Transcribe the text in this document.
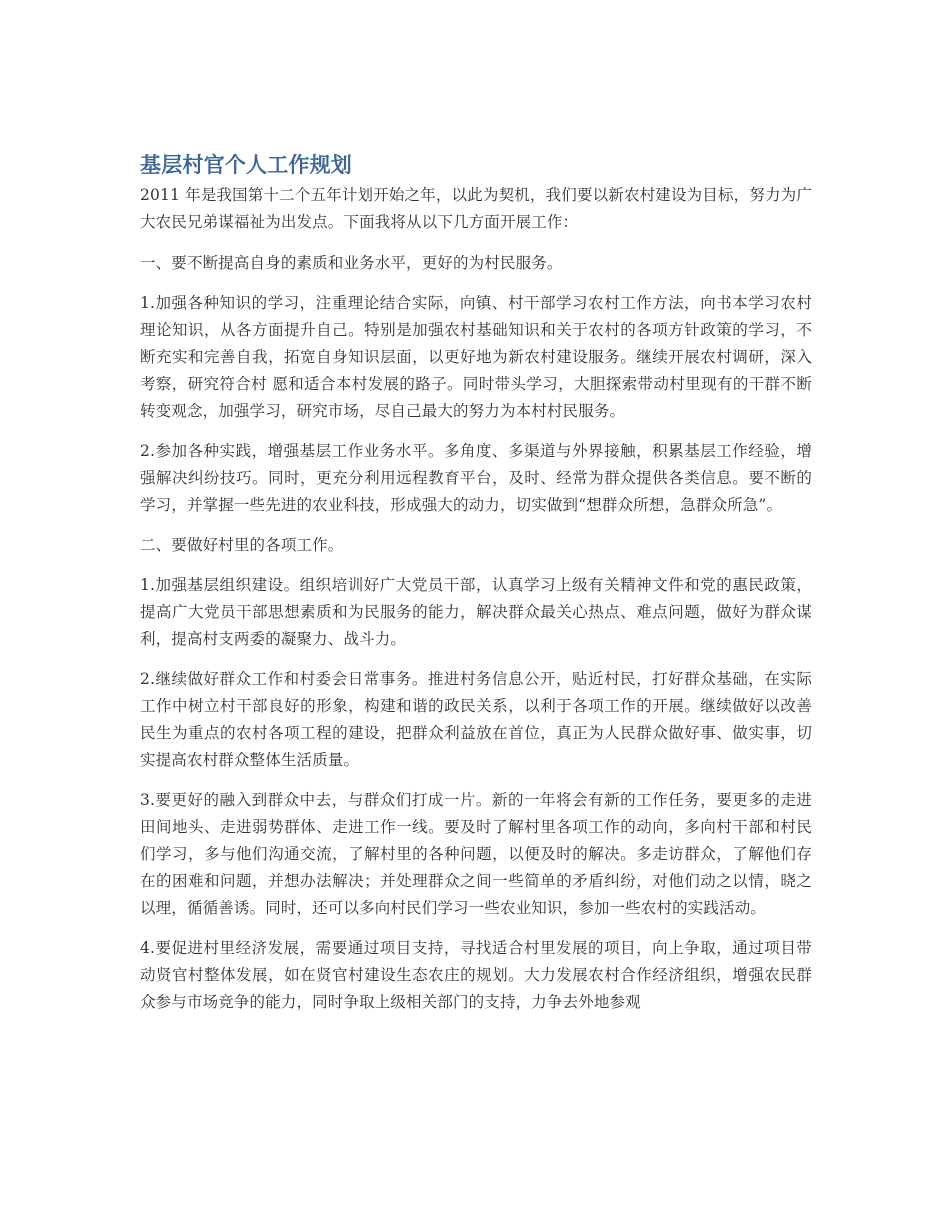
基层村官个人工作规划

2011 年是我国第十二个五年计划开始之年，以此为契机，我们要以新农村建设为目标，努力为广大农民兄弟谋福祉为出发点。下面我将从以下几方面开展工作：

一、要不断提高自身的素质和业务水平，更好的为村民服务。

1.加强各种知识的学习，注重理论结合实际，向镇、村干部学习农村工作方法，向书本学习农村理论知识，从各方面提升自己。特别是加强农村基础知识和关于农村的各项方针政策的学习，不断充实和完善自我，拓宽自身知识层面，以更好地为新农村建设服务。继续开展农村调研，深入考察，研究符合村 愿和适合本村发展的路子。同时带头学习，大胆探索带动村里现有的干群不断转变观念，加强学习，研究市场，尽自己最大的努力为本村村民服务。

2.参加各种实践，增强基层工作业务水平。多角度、多渠道与外界接触，积累基层工作经验，增强解决纠纷技巧。同时，更充分利用远程教育平台，及时、经常为群众提供各类信息。要不断的学习，并掌握一些先进的农业科技，形成强大的动力，切实做到“想群众所想，急群众所急”。

二、要做好村里的各项工作。

1.加强基层组织建设。组织培训好广大党员干部，认真学习上级有关精神文件和党的惠民政策，提高广大党员干部思想素质和为民服务的能力，解决群众最关心热点、难点问题，做好为群众谋利，提高村支两委的凝聚力、战斗力。

2.继续做好群众工作和村委会日常事务。推进村务信息公开，贴近村民，打好群众基础，在实际工作中树立村干部良好的形象，构建和谐的政民关系，以利于各项工作的开展。继续做好以改善民生为重点的农村各项工程的建设，把群众利益放在首位，真正为人民群众做好事、做实事，切实提高农村群众整体生活质量。

3.要更好的融入到群众中去，与群众们打成一片。新的一年将会有新的工作任务，要更多的走进田间地头、走进弱势群体、走进工作一线。要及时了解村里各项工作的动向，多向村干部和村民们学习，多与他们沟通交流，了解村里的各种问题，以便及时的解决。多走访群众，了解他们存在的困难和问题，并想办法解决；并处理群众之间一些简单的矛盾纠纷，对他们动之以情，晓之以理，循循善诱。同时，还可以多向村民们学习一些农业知识，参加一些农村的实践活动。

4.要促进村里经济发展，需要通过项目支持，寻找适合村里发展的项目，向上争取，通过项目带动贤官村整体发展，如在贤官村建设生态农庄的规划。大力发展农村合作经济组织，增强农民群众参与市场竞争的能力，同时争取上级相关部门的支持，力争去外地参观
